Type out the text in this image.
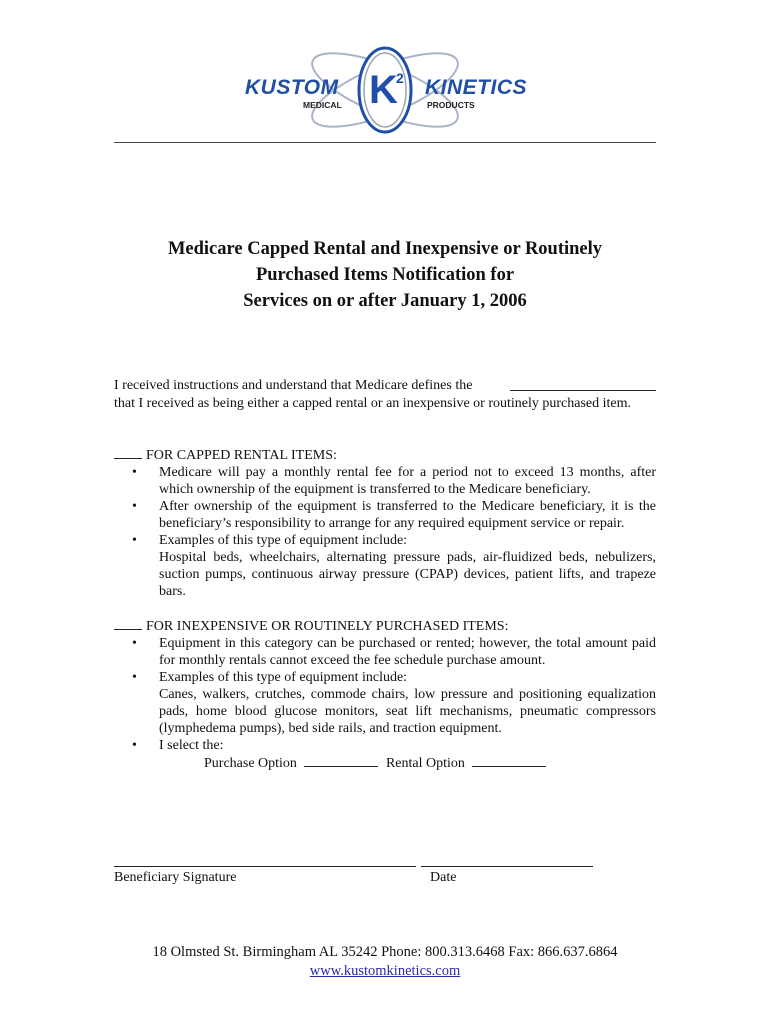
KUSTOM	KINETICS
K
2
MEDICAL	PRODUCTS
Medicare Capped Rental and Inexpensive or Routinely
Purchased Items Notification for
Services on or after January 1, 2006
I received instructions and understand that Medicare defines the
that I received as being either a capped rental or an inexpensive or routinely purchased item.
FOR CAPPED RENTAL ITEMS:
• Medicare will pay a monthly rental fee for a period not to exceed 13 months, after which ownership of the equipment is transferred to the Medicare beneficiary.
• After ownership of the equipment is transferred to the Medicare beneficiary, it is the beneficiary’s responsibility to arrange for any required equipment service or repair.
• Examples of this type of equipment include:
Hospital beds, wheelchairs, alternating pressure pads, air-fluidized beds, nebulizers, suction pumps, continuous airway pressure (CPAP) devices, patient lifts, and trapeze bars.
FOR INEXPENSIVE OR ROUTINELY PURCHASED ITEMS:
• Equipment in this category can be purchased or rented; however, the total amount paid for monthly rentals cannot exceed the fee schedule purchase amount.
• Examples of this type of equipment include:
Canes, walkers, crutches, commode chairs, low pressure and positioning equalization pads, home blood glucose monitors, seat lift mechanisms, pneumatic compressors (lymphedema pumps), bed side rails, and traction equipment.
• I select the:
Purchase Option	Rental Option
Beneficiary Signature	Date
18 Olmsted St. Birmingham AL 35242 Phone: 800.313.6468 Fax: 866.637.6864
www.kustomkinetics.com
